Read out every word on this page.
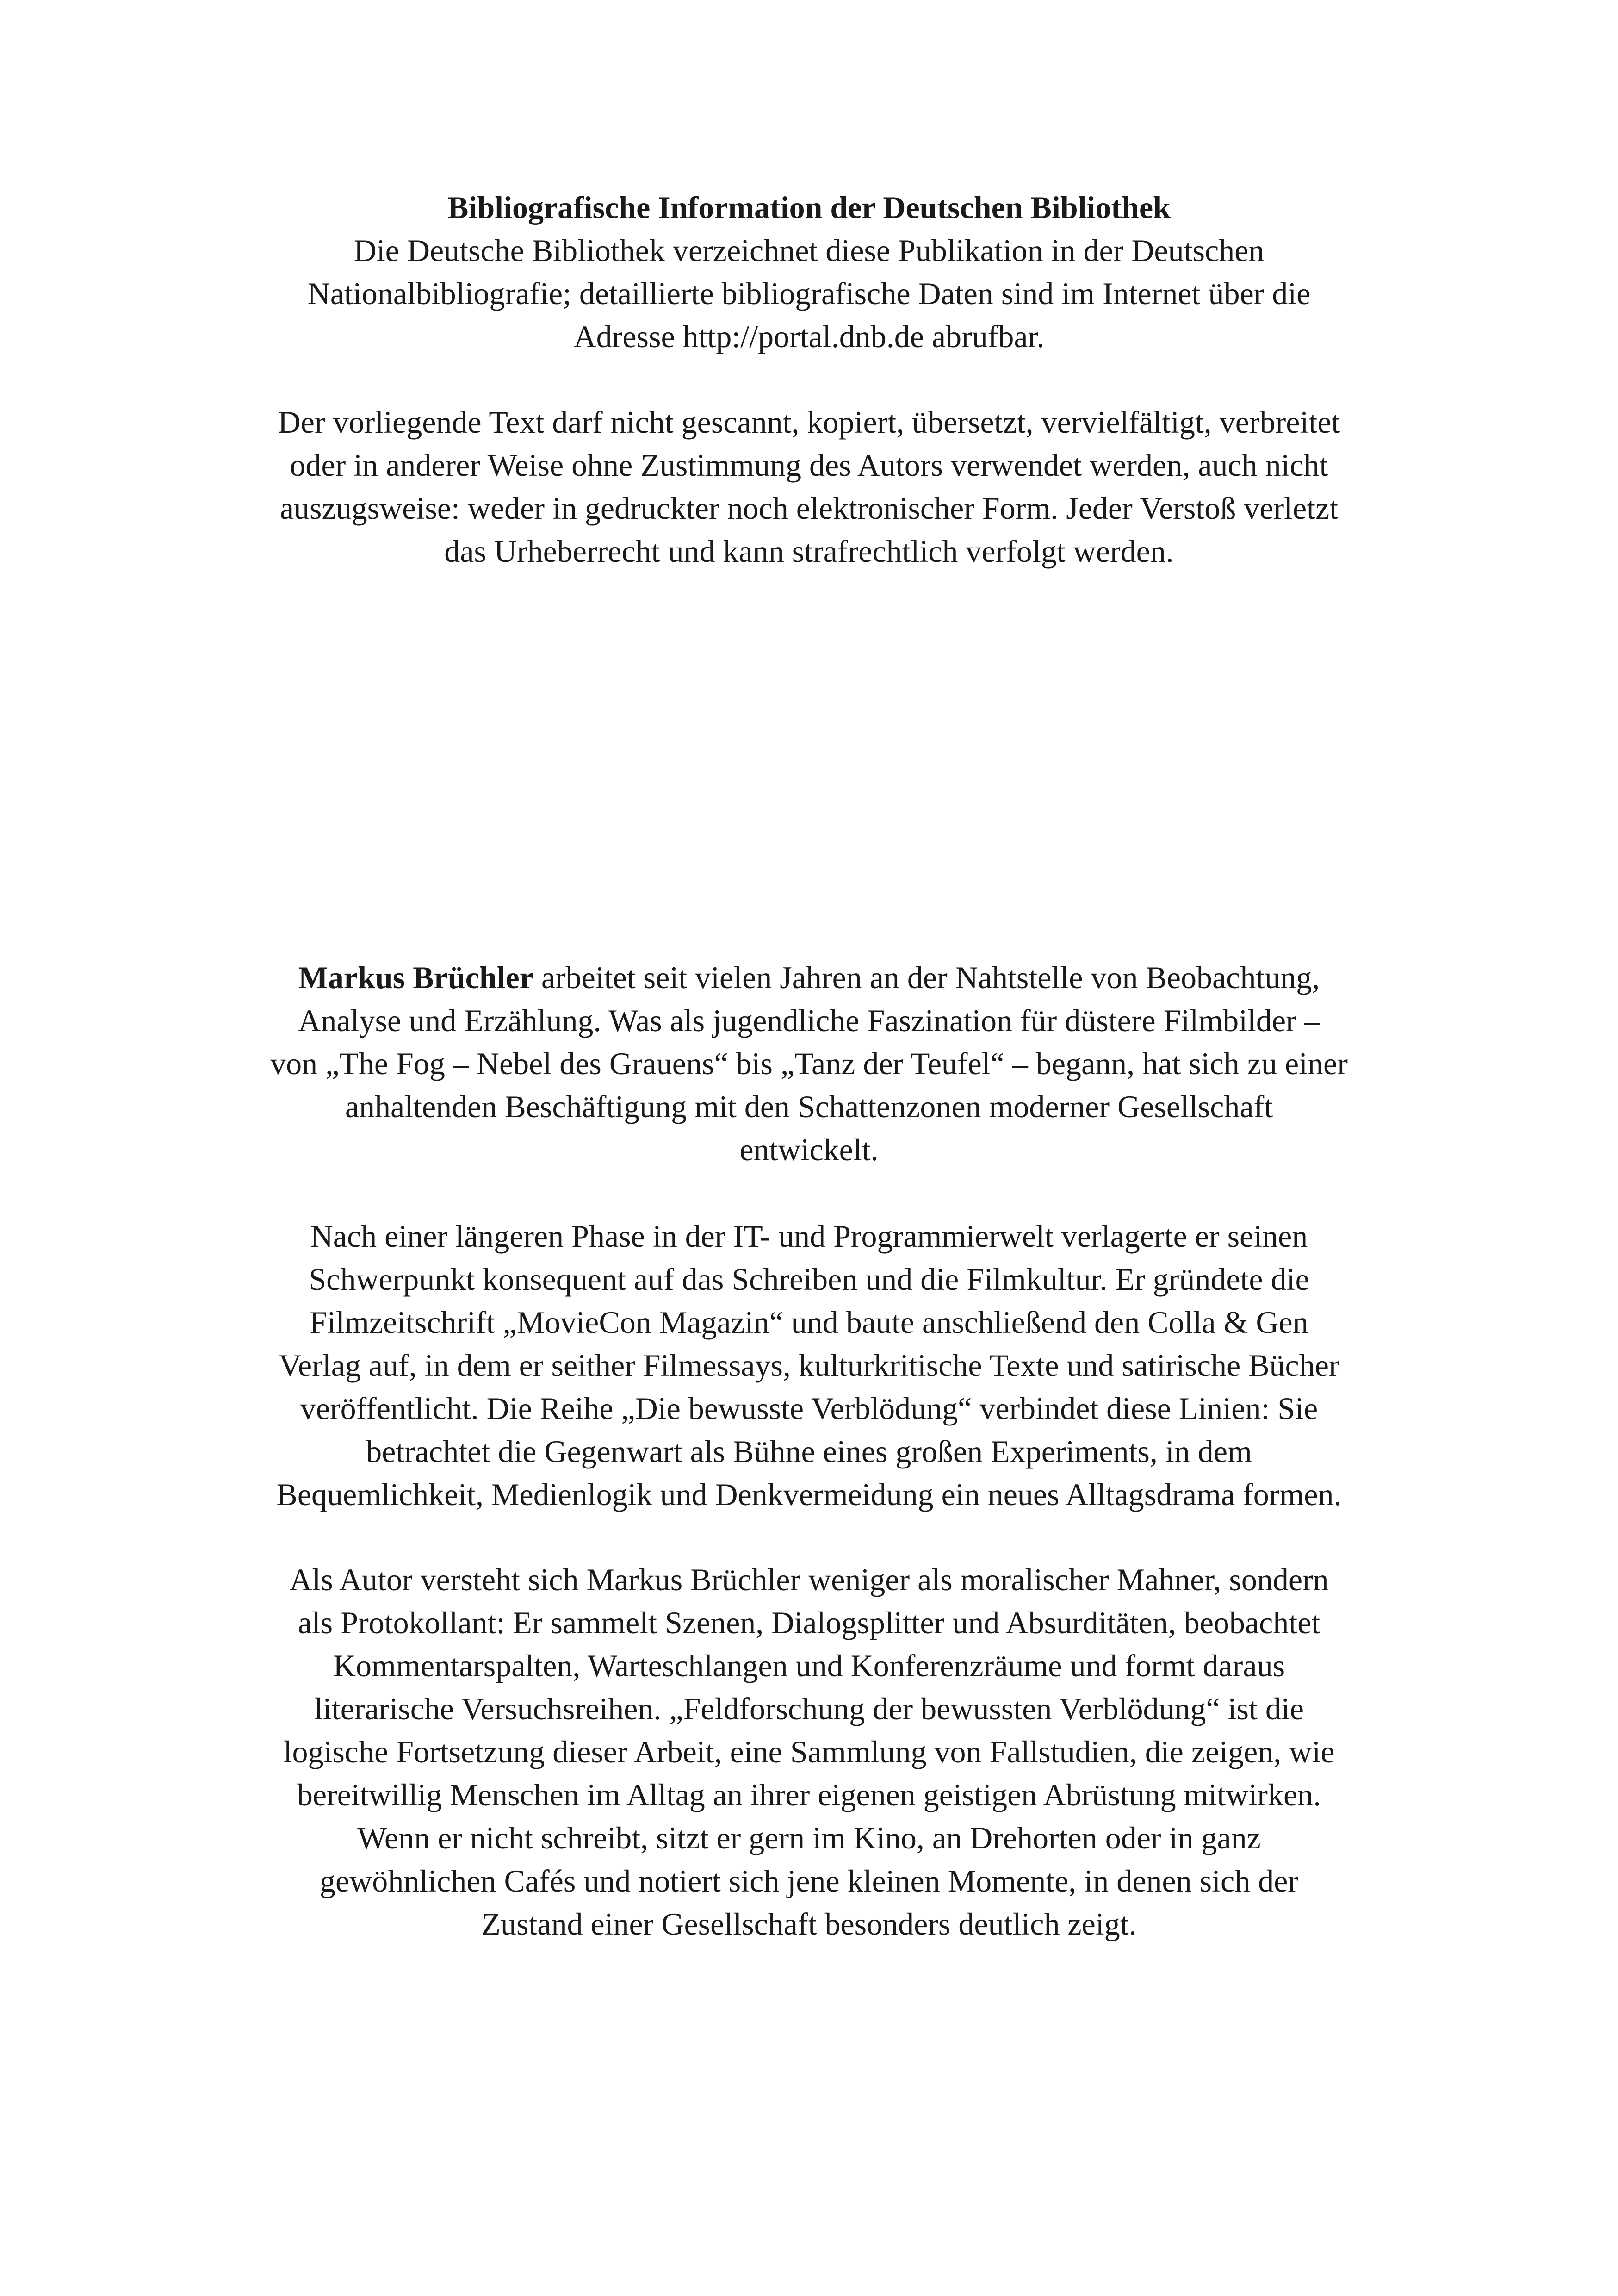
Bibliografische Information der Deutschen Bibliothek
Die Deutsche Bibliothek verzeichnet diese Publikation in der Deutschen
Nationalbibliografie; detaillierte bibliografische Daten sind im Internet über die
Adresse http://portal.dnb.de abrufbar.
Der vorliegende Text darf nicht gescannt, kopiert, übersetzt, vervielfältigt, verbreitet
oder in anderer Weise ohne Zustimmung des Autors verwendet werden, auch nicht
auszugsweise: weder in gedruckter noch elektronischer Form. Jeder Verstoß verletzt
das Urheberrecht und kann strafrechtlich verfolgt werden.
Markus Brüchler arbeitet seit vielen Jahren an der Nahtstelle von Beobachtung,
Analyse und Erzählung. Was als jugendliche Faszination für düstere Filmbilder –
von „The Fog – Nebel des Grauens“ bis „Tanz der Teufel“ – begann, hat sich zu einer
anhaltenden Beschäftigung mit den Schattenzonen moderner Gesellschaft
entwickelt.
Nach einer längeren Phase in der IT- und Programmierwelt verlagerte er seinen
Schwerpunkt konsequent auf das Schreiben und die Filmkultur. Er gründete die
Filmzeitschrift „MovieCon Magazin“ und baute anschließend den Colla & Gen
Verlag auf, in dem er seither Filmessays, kulturkritische Texte und satirische Bücher
veröffentlicht. Die Reihe „Die bewusste Verblödung“ verbindet diese Linien: Sie
betrachtet die Gegenwart als Bühne eines großen Experiments, in dem
Bequemlichkeit, Medienlogik und Denkvermeidung ein neues Alltagsdrama formen.
Als Autor versteht sich Markus Brüchler weniger als moralischer Mahner, sondern
als Protokollant: Er sammelt Szenen, Dialogsplitter und Absurditäten, beobachtet
Kommentarspalten, Warteschlangen und Konferenzräume und formt daraus
literarische Versuchsreihen. „Feldforschung der bewussten Verblödung“ ist die
logische Fortsetzung dieser Arbeit, eine Sammlung von Fallstudien, die zeigen, wie
bereitwillig Menschen im Alltag an ihrer eigenen geistigen Abrüstung mitwirken.
Wenn er nicht schreibt, sitzt er gern im Kino, an Drehorten oder in ganz
gewöhnlichen Cafés und notiert sich jene kleinen Momente, in denen sich der
Zustand einer Gesellschaft besonders deutlich zeigt.
